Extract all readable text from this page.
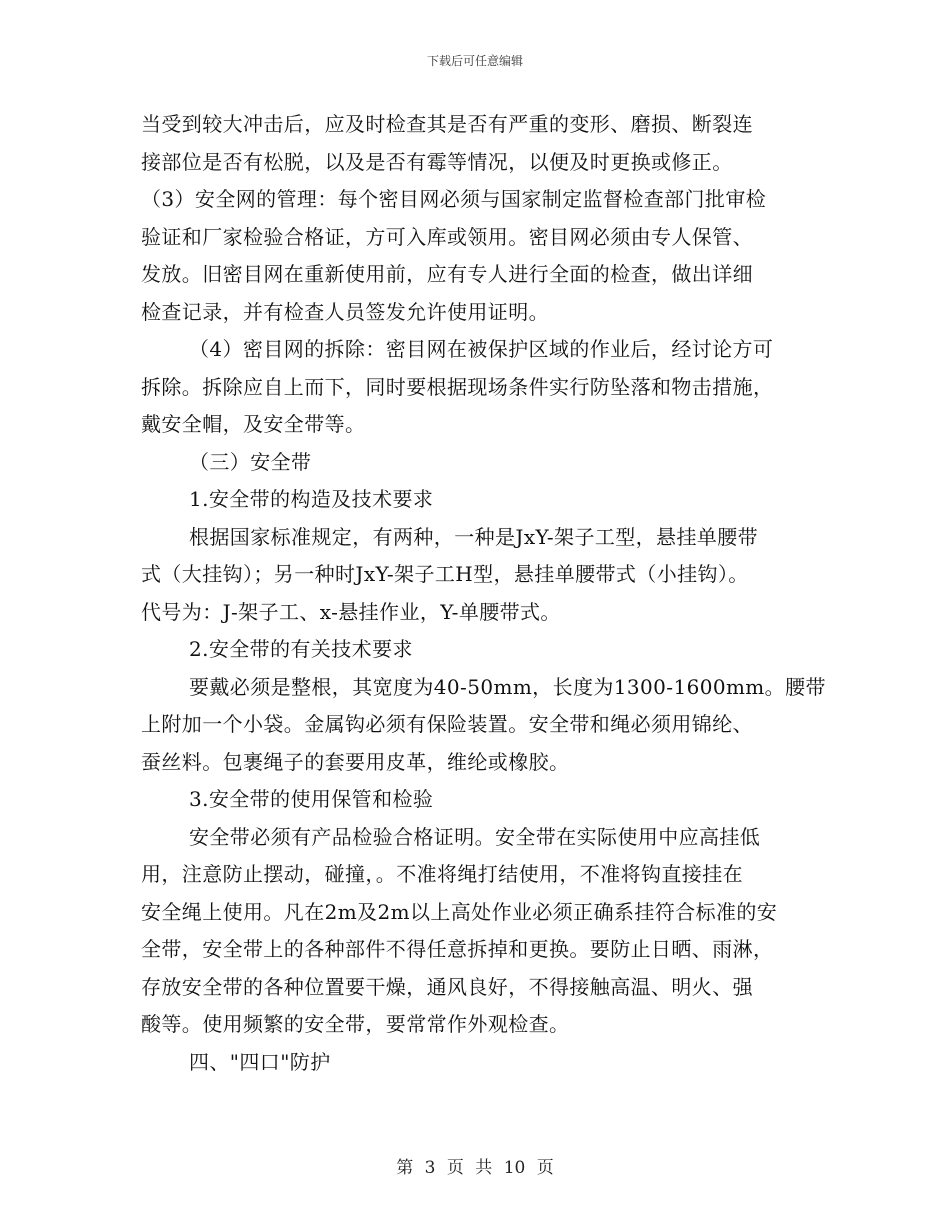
下载后可任意编辑
当受到较大冲击后，应及时检查其是否有严重的变形、磨损、断裂连
接部位是否有松脱，以及是否有霉等情况，以便及时更换或修正。
（3）安全网的管理：每个密目网必须与国家制定监督检查部门批审检
验证和厂家检验合格证，方可入库或领用。密目网必须由专人保管、
发放。旧密目网在重新使用前，应有专人进行全面的检查，做出详细
检查记录，并有检查人员签发允许使用证明。
（4）密目网的拆除：密目网在被保护区域的作业后，经讨论方可
拆除。拆除应自上而下，同时要根据现场条件实行防坠落和物击措施，
戴安全帽，及安全带等。
（三）安全带
1.安全带的构造及技术要求
根据国家标准规定，有两种，一种是JxY-架子工型，悬挂单腰带
式（大挂钩）；另一种时JxY-架子工H型，悬挂单腰带式（小挂钩）。
代号为：J-架子工、x-悬挂作业，Y-单腰带式。
2.安全带的有关技术要求
要戴必须是整根，其宽度为40-50mm，长度为1300-1600mm。腰带
上附加一个小袋。金属钩必须有保险装置。安全带和绳必须用锦纶、
蚕丝料。包裹绳子的套要用皮革，维纶或橡胶。
3.安全带的使用保管和检验
安全带必须有产品检验合格证明。安全带在实际使用中应高挂低
用，注意防止摆动，碰撞，。不准将绳打结使用，不准将钩直接挂在
安全绳上使用。凡在2m及2m以上高处作业必须正确系挂符合标准的安
全带，安全带上的各种部件不得任意拆掉和更换。要防止日晒、雨淋，
存放安全带的各种位置要干燥，通风良好，不得接触高温、明火、强
酸等。使用频繁的安全带，要常常作外观检查。
四、"四口"防护
第 3 页 共 10 页
